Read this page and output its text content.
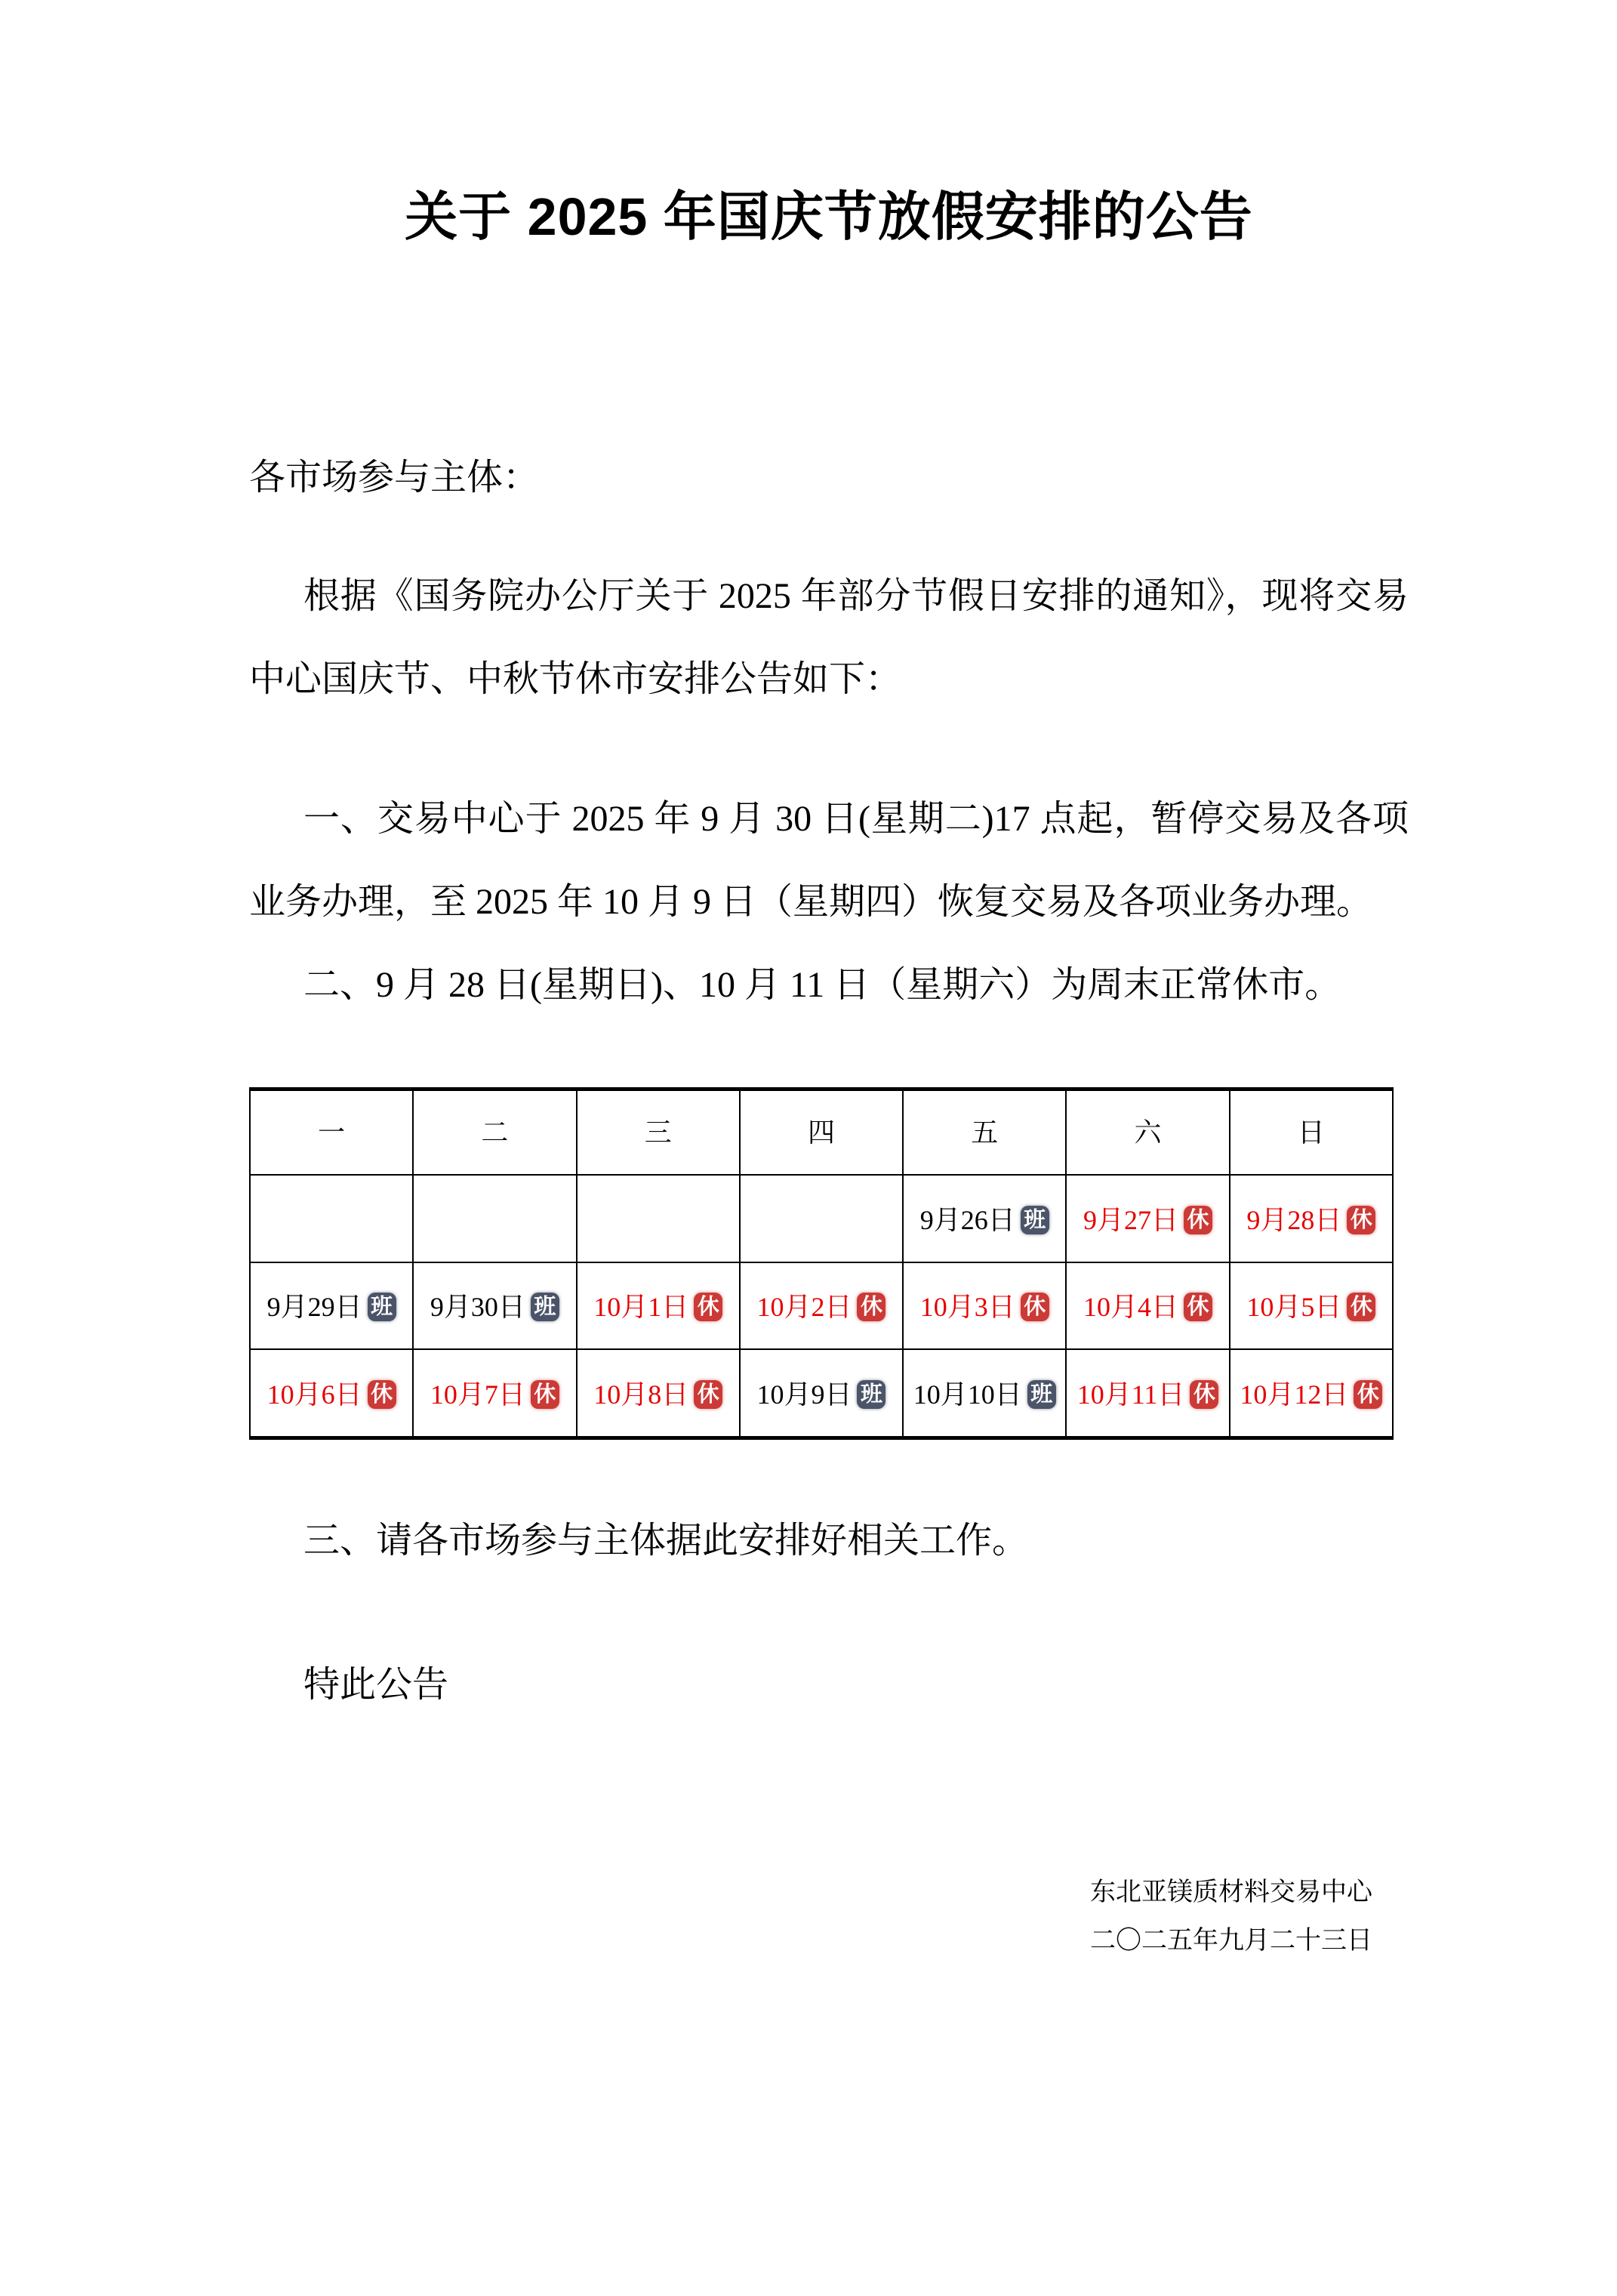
关于 2025 年国庆节放假安排的公告

各市场参与主体：

根据《国务院办公厅关于 2025 年部分节假日安排的通知》，现将交易中心国庆节、中秋节休市安排公告如下：

一、交易中心于 2025 年 9 月 30 日(星期二)17 点起，暂停交易及各项业务办理，至 2025 年 10 月 9 日（星期四）恢复交易及各项业务办理。

二、9 月 28 日(星期日)、10 月 11 日（星期六）为周末正常休市。

一	二	三	四	五	六	日
				9月26日 班	9月27日 休	9月28日 休
9月29日 班	9月30日 班	10月1日 休	10月2日 休	10月3日 休	10月4日 休	10月5日 休
10月6日 休	10月7日 休	10月8日 休	10月9日 班	10月10日 班	10月11日 休	10月12日 休

三、请各市场参与主体据此安排好相关工作。

特此公告

东北亚镁质材料交易中心
二〇二五年九月二十三日
